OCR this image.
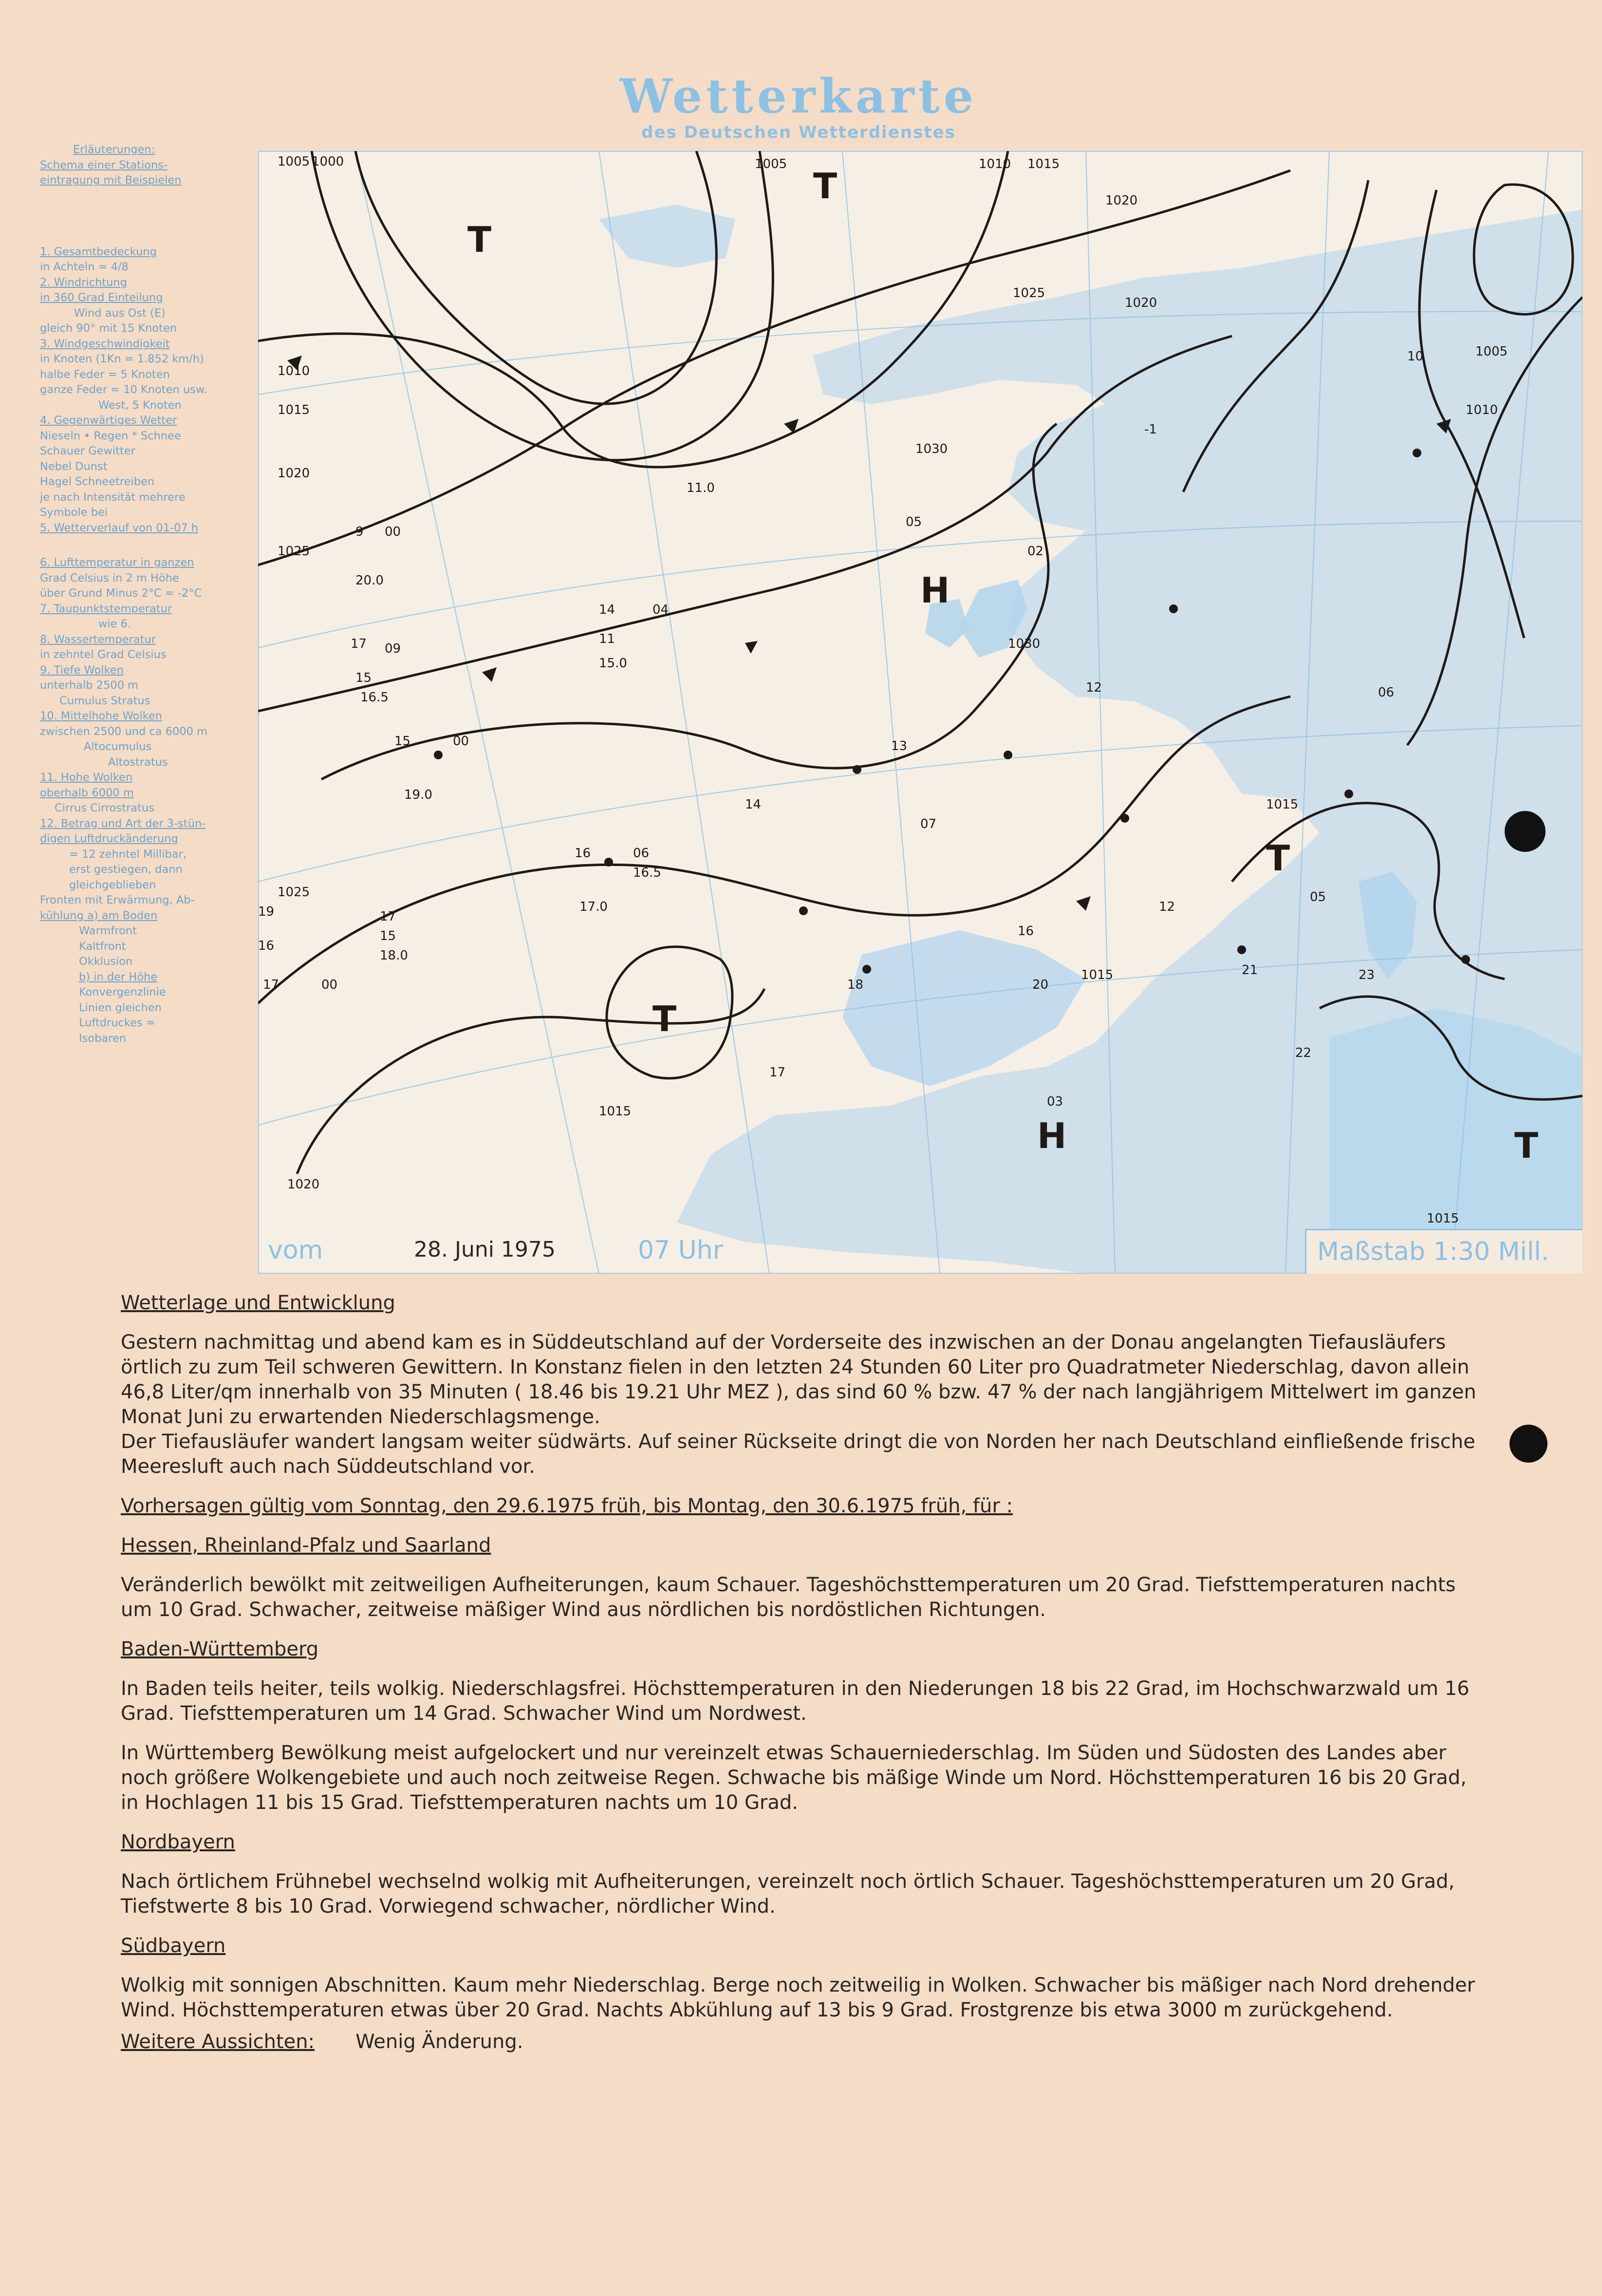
Wetterkarte
des Deutschen Wetterdienstes
Erläuterungen:
Schema einer Stations-
eintragung mit Beispielen
1. Gesamtbedeckung
in Achteln = 4/8
2. Windrichtung
in 360 Grad Einteilung
Wind aus Ost (E)
gleich 90° mit 15 Knoten
3. Windgeschwindigkeit
in Knoten (1Kn = 1.852 km/h)
halbe Feder = 5 Knoten
ganze Feder = 10 Knoten usw.
West, 5 Knoten
4. Gegenwärtiges Wetter
Nieseln • Regen * Schnee
Schauer Gewitter
Nebel Dunst
Hagel Schneetreiben
je nach Intensität mehrere
Symbole bei
5. Wetterverlauf von 01-07 h
6. Lufttemperatur in ganzen
Grad Celsius in 2 m Höhe
über Grund Minus 2°C = -2°C
7. Taupunktstemperatur
wie 6.
8. Wassertemperatur
in zehntel Grad Celsius
9. Tiefe Wolken
unterhalb 2500 m
Cumulus Stratus
10. Mittelhohe Wolken
zwischen 2500 und ca 6000 m
Altocumulus
Altostratus
11. Hohe Wolken
oberhalb 6000 m
Cirrus Cirrostratus
12. Betrag und Art der 3-stün-
digen Luftdruckänderung
= 12 zehntel Millibar,
erst gestiegen, dann
gleichgeblieben
Fronten mit Erwärmung, Ab-
kühlung a) am Boden
Warmfront
Kaltfront
Okklusion
b) in der Höhe
Konvergenzlinie
Linien gleichen
Luftdruckes =
Isobaren
1005 1000
1010
1015
1020
1025
1030
1025
1020
1015
1010
1005
1015
1020
1030
1015
1010
1005
1020
1025
1015
1015
17 09
15
16.5
15	00
19.0
14	04
11
15.0
16	06
16.5
17.0
17
15
18.0
19
16
17	00
9 00
20.0
12
21
11.0
05
02
13
12
18
14
17
20
22
23
05
06
10
-1
07
03
16
T
H
T
H
T
T
T
vom	28. Juni 1975	07 Uhr	Maßstab 1:30 Mill.

Wetterlage und Entwicklung

Gestern nachmittag und abend kam es in Süddeutschland auf der Vorderseite des inzwischen an der Donau angelangten Tiefausläufers örtlich zu zum Teil schweren Gewittern. In Konstanz fielen in den letzten 24 Stunden 60 Liter pro Quadratmeter Niederschlag, davon allein 46,8 Liter/qm innerhalb von 35 Minuten ( 18.46 bis 19.21 Uhr MEZ ), das sind 60 % bzw. 47 % der nach langjährigem Mittelwert im ganzen Monat Juni zu erwartenden Niederschlagsmenge.

Der Tiefausläufer wandert langsam weiter südwärts. Auf seiner Rückseite dringt die von Norden her nach Deutschland einfließende frische Meeresluft auch nach Süddeutschland vor.

Vorhersagen gültig vom Sonntag, den 29.6.1975 früh, bis Montag, den 30.6.1975 früh, für :

Hessen, Rheinland-Pfalz und Saarland

Veränderlich bewölkt mit zeitweiligen Aufheiterungen, kaum Schauer. Tageshöchsttemperaturen um 20 Grad. Tiefsttemperaturen nachts um 10 Grad. Schwacher, zeitweise mäßiger Wind aus nördlichen bis nordöstlichen Richtungen.

Baden-Württemberg

In Baden teils heiter, teils wolkig. Niederschlagsfrei. Höchsttemperaturen in den Niederungen 18 bis 22 Grad, im Hochschwarzwald um 16 Grad. Tiefsttemperaturen um 14 Grad. Schwacher Wind um Nordwest.

In Württemberg Bewölkung meist aufgelockert und nur vereinzelt etwas Schauerniederschlag. Im Süden und Südosten des Landes aber noch größere Wolkengebiete und auch noch zeitweise Regen. Schwache bis mäßige Winde um Nord. Höchsttemperaturen 16 bis 20 Grad, in Hochlagen 11 bis 15 Grad. Tiefsttemperaturen nachts um 10 Grad.

Nordbayern

Nach örtlichem Frühnebel wechselnd wolkig mit Aufheiterungen, vereinzelt noch örtlich Schauer. Tageshöchsttemperaturen um 20 Grad, Tiefstwerte 8 bis 10 Grad. Vorwiegend schwacher, nördlicher Wind.

Südbayern

Wolkig mit sonnigen Abschnitten. Kaum mehr Niederschlag. Berge noch zeitweilig in Wolken. Schwacher bis mäßiger nach Nord drehender Wind. Höchsttemperaturen etwas über 20 Grad. Nachts Abkühlung auf 13 bis 9 Grad. Frostgrenze bis etwa 3000 m zurückgehend.

Weitere Aussichten: Wenig Änderung.
